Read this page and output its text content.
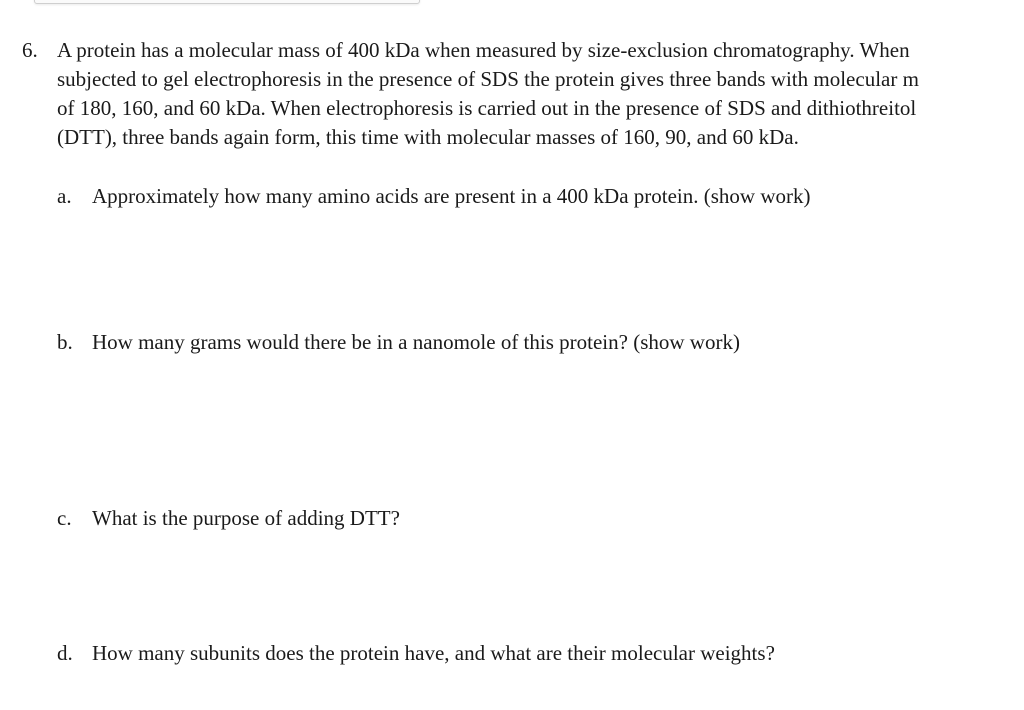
6. A protein has a molecular mass of 400 kDa when measured by size-exclusion chromatography. When
subjected to gel electrophoresis in the presence of SDS the protein gives three bands with molecular m
of 180, 160, and 60 kDa. When electrophoresis is carried out in the presence of SDS and dithiothreitol
(DTT), three bands again form, this time with molecular masses of 160, 90, and 60 kDa.
a. Approximately how many amino acids are present in a 400 kDa protein. (show work)
b. How many grams would there be in a nanomole of this protein? (show work)
c. What is the purpose of adding DTT?
d. How many subunits does the protein have, and what are their molecular weights?
